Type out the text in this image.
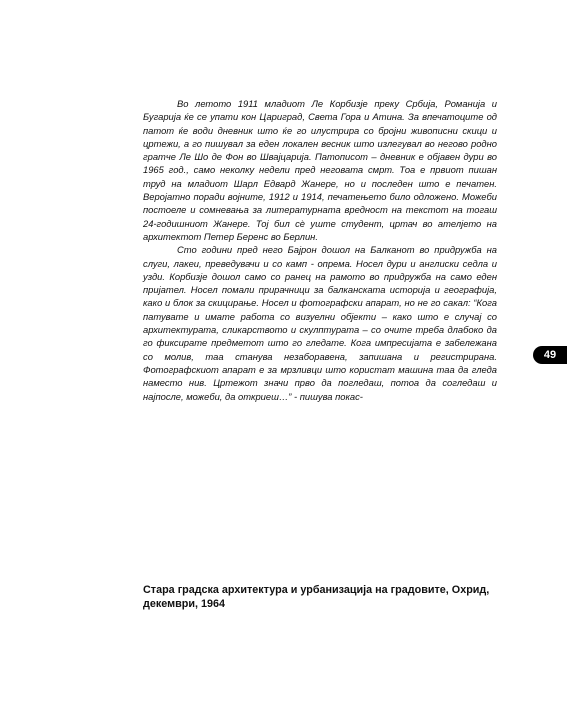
Во летото 1911 младиот Ле Корбизје преку Србија, Романија и Бугарија ќе се упати кон Цариград, Света Гора и Атина. За впечатоците од патот ќе води дневник што ќе го илустрира со бројни живописни скици и цртежи, а го пишувал за еден локален весник што излегувал во негово родно гратче Ле Шо де Фон во Швајцарија. Патописот – дневник е објавен дури во 1965 год., само неколку недели пред неговата смрт. Тоа е првиот пишан труд на младиот Шарл Едвард Жанере, но и последен што е печатен. Веројатно поради војните, 1912 и 1914, печатењето било одложено. Можеби постоеле и сомневања за литературната вредност на текстот на тогаш 24-годишниот Жанере. Тој бил сè уште студент, цртач во ателјето на архитектот Петер Беренс во Берлин.

Сто години пред него Бајрон дошол на Балканот во придружба на слуги, лакеи, преведувачи и со камп - опрема. Носел дури и англиски седла и узди. Корбизје дошол само со ранец на рамото во придружба на само еден пријател. Носел помали прирачници за балканската историја и географија, како и блок за скицирање. Носел и фотографски апарат, но не го сакал: “Кога патувате и имате работа со визуелни објекти – како што е случај со архитектурата, сликарството и скулптурата – со очите треба длабоко да го фиксирате предметот што го гледате. Кога импресијата е забележана со молив, таа станува незаборавена, запишана и регистрирана. Фотографскиот апарат е за мрзливци што користат машина таа да гледа наместо нив. Цртежот значи прво да погледаш, потоа да согледаш и најпосле, можеби, да откриеш…” - пишува покас-

49
Стара градска архитектура и урбанизација на градовите, Охрид, декември, 1964
